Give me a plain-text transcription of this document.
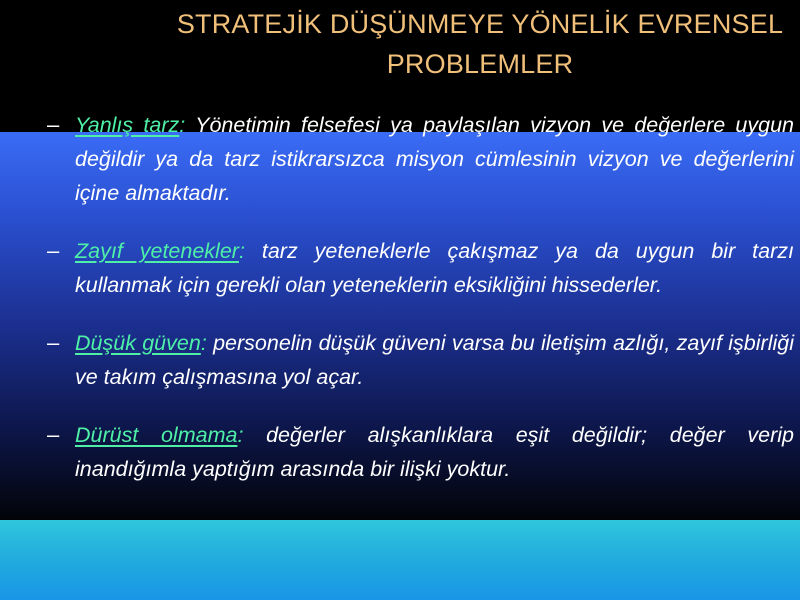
STRATEJİK DÜŞÜNMEYE YÖNELİK EVRENSEL
PROBLEMLER
– Yanlış tarz: Yönetimin felsefesi ya paylaşılan vizyon ve değerlere uygun değildir ya da tarz istikrarsızca misyon cümlesinin vizyon ve değerlerini içine almaktadır.
– Zayıf yetenekler: tarz yeteneklerle çakışmaz ya da uygun bir tarzı kullanmak için gerekli olan yeteneklerin eksikliğini hissederler.
– Düşük güven: personelin düşük güveni varsa bu iletişim azlığı, zayıf işbirliği ve takım çalışmasına yol açar.
– Dürüst olmama: değerler alışkanlıklara eşit değildir; değer verip inandığımla yaptığım arasında bir ilişki yoktur.
